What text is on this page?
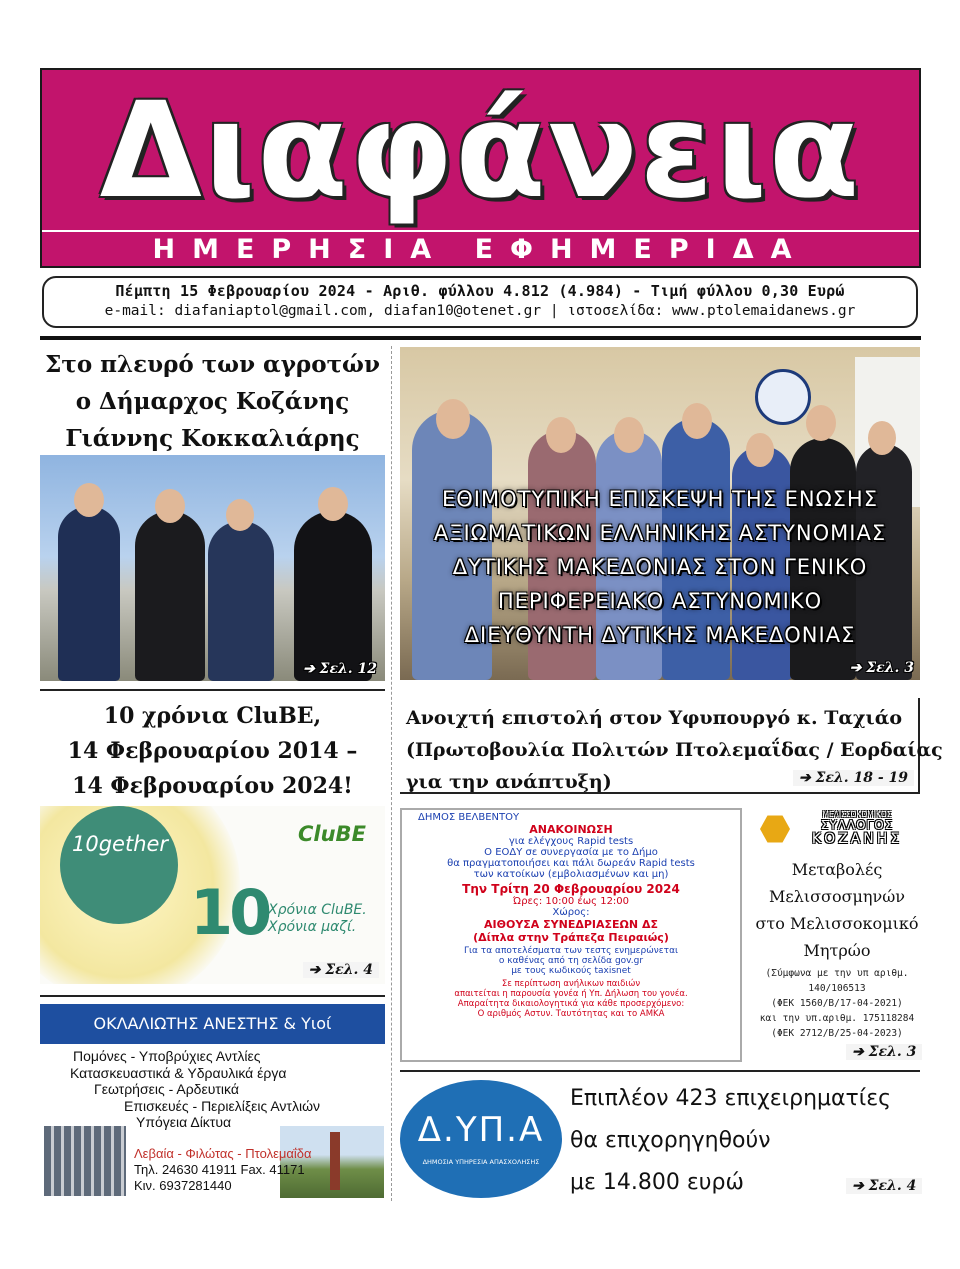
Διαφάνεια
ΗΜΕΡΗΣΙΑ ΕΦΗΜΕΡΙΔΑ
Πέμπτη 15 Φεβρουαρίου 2024 - Αριθ. φύλλου 4.812 (4.984) - Τιμή φύλλου 0,30 Ευρώ
e-mail: diafaniaptol@gmail.com, diafan10@otenet.gr | ιστοσελίδα: www.ptolemaidanews.gr
Στο πλευρό των αγροτών
ο Δήμαρχος Κοζάνης
Γιάννης Κοκκαλιάρης
➔ Σελ. 12	➔ Σελ. 3
ΕΘΙΜΟΤΥΠΙΚΗ ΕΠΙΣΚΕΨΗ ΤΗΣ ΕΝΩΣΗΣ
ΑΞΙΩΜΑΤΙΚΩΝ ΕΛΛΗΝΙΚΗΣ ΑΣΤΥΝΟΜΙΑΣ
ΔΥΤΙΚΗΣ ΜΑΚΕΔΟΝΙΑΣ ΣΤΟΝ ΓΕΝΙΚΟ
ΠΕΡΙΦΕΡΕΙΑΚΟ ΑΣΤΥΝΟΜΙΚΟ
ΔΙΕΥΘΥΝΤΗ ΔΥΤΙΚΗΣ ΜΑΚΕΔΟΝΙΑΣ
10 χρόνια CluBE,
14 Φεβρουαρίου 2014 –
14 Φεβρουαρίου 2024!
10gether	CluBE
10 Χρόνια CluBE.
Χρόνια μαζί.
➔ Σελ. 4
ΟΚΛΑΛΙΩΤΗΣ ΑΝΕΣΤΗΣ & Υιοί
Πομόνες - Υποβρύχιες Αντλίες
Κατασκευαστικά & Υδραυλικά έργα
Γεωτρήσεις - Αρδευτικά
Επισκευές - Περιελίξεις Αντλιών
Υπόγεια Δίκτυα
Λεβαία - Φιλώτας - Πτολεμαΐδα
Τηλ. 24630 41911 Fax. 41171
Κιν. 6937281440
Ανοιχτή επιστολή στον Υφυπουργό κ. Ταχιάο
(Πρωτοβουλία Πολιτών Πτολεμαΐδας / Εορδαίας
για την ανάπτυξη)	➔ Σελ. 18 - 19
ΔΗΜΟΣ ΒΕΛΒΕΝΤΟΥ
ΑΝΑΚΟΙΝΩΣΗ
για ελέγχους Rapid tests
Ο ΕΟΔΥ σε συνεργασία με το Δήμο
θα πραγματοποιήσει και πάλι δωρεάν Rapid tests
των κατοίκων (εμβολιασμένων και μη)
Την Τρίτη 20 Φεβρουαρίου 2024
Ώρες: 10:00 έως 12:00
Χώρος:
ΑΙΘΟΥΣΑ ΣΥΝΕΔΡΙΑΣΕΩΝ ΔΣ
(Δίπλα στην Τράπεζα Πειραιώς)
Για τα αποτελέσματα των τεστς ενημερώνεται
ο καθένας από τη σελίδα gov.gr
με τους κωδικούς taxisnet
Σε περίπτωση ανήλικων παιδιών
απαιτείται η παρουσία γονέα ή Υπ. Δήλωση του γονέα.
Απαραίτητα δικαιολογητικά για κάθε προσερχόμενο:
Ο αριθμός Αστυν. Ταυτότητας και το ΑΜΚΑ
ΜΕΛΙΣΣΟΚΟΜΙΚΟΣ
ΣΥΛΛΟΓΟΣ
ΚΟΖΑΝΗΣ
Μεταβολές
Μελισσοσμηνών
στο Μελισσοκομικό
Μητρώο
(Σύμφωνα με την υπ αριθμ. 140/106513
(ΦΕΚ 1560/Β/17-04-2021)
και την υπ.αριθμ. 175118284
(ΦΕΚ 2712/Β/25-04-2023)
➔ Σελ. 3
Δ.ΥΠ.Α
ΔΗΜΟΣΙΑ ΥΠΗΡΕΣΙΑ ΑΠΑΣΧΟΛΗΣΗΣ
Επιπλέον 423 επιχειρηματίες
θα επιχορηγηθούν
με 14.800 ευρώ	➔ Σελ. 4
